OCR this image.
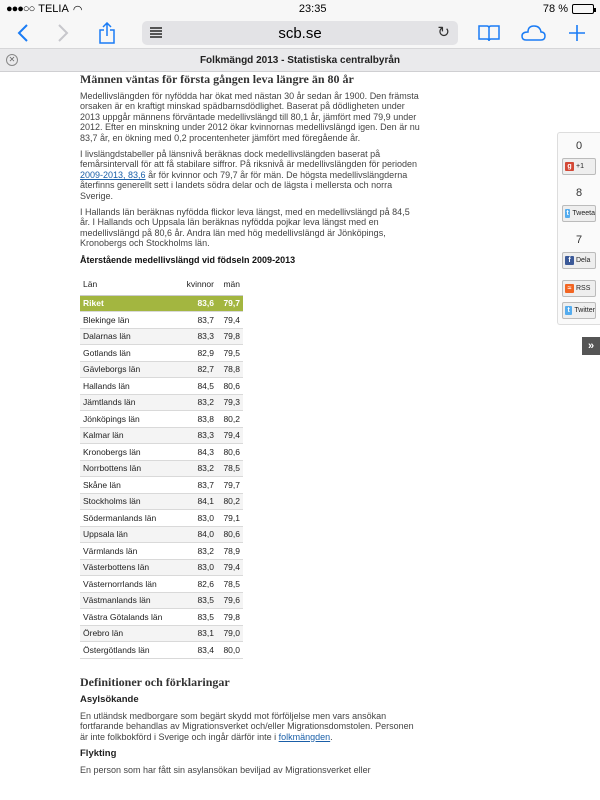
●●●○○ TELIA ◠	23:35	78 %
scb.se	↻
✕	Folkmängd 2013 - Statistiska centralbyrån
Männen väntas för första gången leva längre än 80 år

Medellivslängden för nyfödda har ökat med nästan 30 år sedan år 1900. Den främsta orsaken är en kraftigt minskad spädbarnsdödlighet. Baserat på dödligheten under 2013 uppgår männens förväntade medellivslängd till 80,1 år, jämfört med 79,9 under 2012. Efter en minskning under 2012 ökar kvinnornas medellivslängd igen. Den är nu 83,7 år, en ökning med 0,2 procentenheter jämfört med föregående år.

I livslängdstabeller på länsnivå beräknas dock medellivslängden baserat på femårsintervall för att få stabilare siffror. På riksnivå är medellivslängden för perioden 2009-2013, 83,6 år för kvinnor och 79,7 år för män. De högsta medellivslängderna återfinns generellt sett i landets södra delar och de lägsta i mellersta och norra Sverige.

I Hallands län beräknas nyfödda flickor leva längst, med en medellivslängd på 84,5 år. I Hallands och Uppsala län beräknas nyfödda pojkar leva längst med en medellivslängd på 80,6 år. Andra län med hög medellivslängd är Jönköpings, Kronobergs och Stockholms län.

Återstående medellivslängd vid födseln 2009-2013
Län	kvinnor	män
Riket	83,6	79,7
Blekinge län	83,7	79,4
Dalarnas län	83,3	79,8
Gotlands län	82,9	79,5
Gävleborgs län	82,7	78,8
Hallands län	84,5	80,6
Jämtlands län	83,2	79,3
Jönköpings län	83,8	80,2
Kalmar län	83,3	79,4
Kronobergs län	84,3	80,6
Norrbottens län	83,2	78,5
Skåne län	83,7	79,7
Stockholms län	84,1	80,2
Södermanlands län	83,0	79,1
Uppsala län	84,0	80,6
Värmlands län	83,2	78,9
Västerbottens län	83,0	79,4
Västernorrlands län	82,6	78,5
Västmanlands län	83,5	79,6
Västra Götalands län	83,5	79,8
Örebro län	83,1	79,0
Östergötlands län	83,4	80,0
Definitioner och förklaringar
Asylsökande

En utländsk medborgare som begärt skydd mot förföljelse men vars ansökan fortfarande behandlas av Migrationsverket och/eller Migrationsdomstolen. Personen är inte folkbokförd i Sverige och ingår därför inte i folkmängden.

Flykting

En person som har fått sin asylansökan beviljad av Migrationsverket eller

0
g +1
8
t Tweeta
7
f Dela
≈ RSS
t Twitter
»
